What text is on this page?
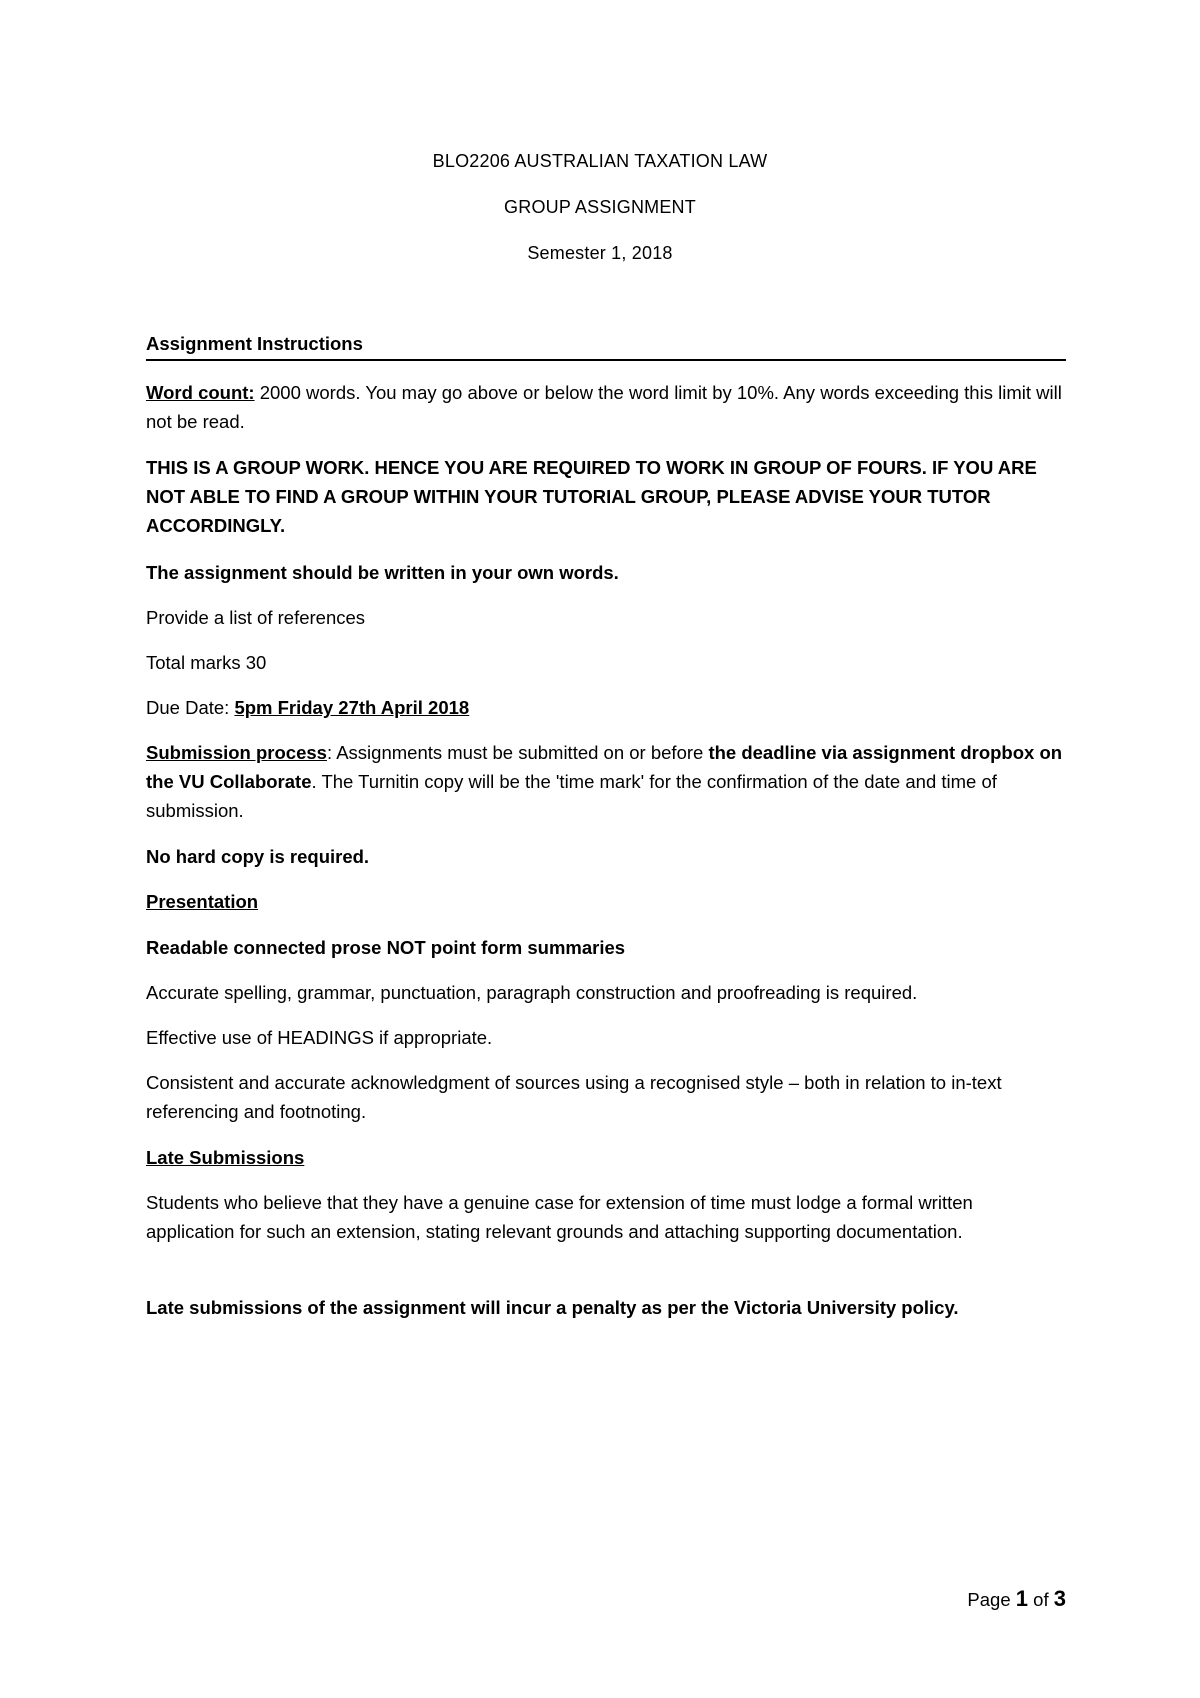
BLO2206 AUSTRALIAN TAXATION LAW
GROUP ASSIGNMENT
Semester 1, 2018
Assignment Instructions

Word count: 2000 words. You may go above or below the word limit by 10%. Any words exceeding this limit will not be read.

THIS IS A GROUP WORK. HENCE YOU ARE REQUIRED TO WORK IN GROUP OF FOURS. IF YOU ARE NOT ABLE TO FIND A GROUP WITHIN YOUR TUTORIAL GROUP, PLEASE ADVISE YOUR TUTOR ACCORDINGLY.

The assignment should be written in your own words.

Provide a list of references

Total marks 30

Due Date: 5pm Friday 27th April 2018

Submission process: Assignments must be submitted on or before the deadline via assignment dropbox on the VU Collaborate. The Turnitin copy will be the 'time mark' for the confirmation of the date and time of submission.

No hard copy is required.

Presentation

Readable connected prose NOT point form summaries

Accurate spelling, grammar, punctuation, paragraph construction and proofreading is required.

Effective use of HEADINGS if appropriate.

Consistent and accurate acknowledgment of sources using a recognised style – both in relation to in-text referencing and footnoting.

Late Submissions

Students who believe that they have a genuine case for extension of time must lodge a formal written application for such an extension, stating relevant grounds and attaching supporting documentation.

Late submissions of the assignment will incur a penalty as per the Victoria University policy.

Page 1 of 3
